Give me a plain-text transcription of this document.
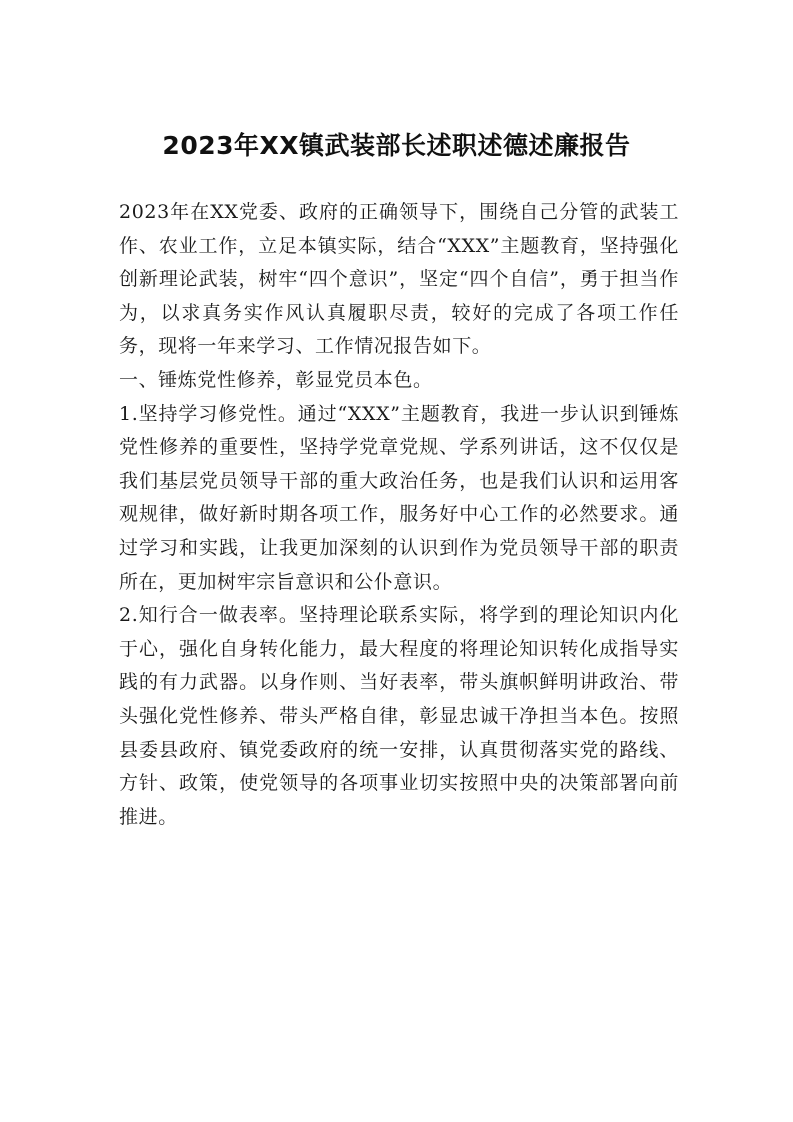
2023年XX镇武装部长述职述德述廉报告

2023年在XX党委、政府的正确领导下，围绕自己分管的武装工作、农业工作，立足本镇实际，结合“XXX”主题教育，坚持强化创新理论武装，树牢“四个意识”，坚定“四个自信”，勇于担当作为，以求真务实作风认真履职尽责，较好的完成了各项工作任务，现将一年来学习、工作情况报告如下。

一、锤炼党性修养，彰显党员本色。

1.坚持学习修党性。通过“XXX”主题教育，我进一步认识到锤炼党性修养的重要性，坚持学党章党规、学系列讲话，这不仅仅是我们基层党员领导干部的重大政治任务，也是我们认识和运用客观规律，做好新时期各项工作，服务好中心工作的必然要求。通过学习和实践，让我更加深刻的认识到作为党员领导干部的职责所在，更加树牢宗旨意识和公仆意识。

2.知行合一做表率。坚持理论联系实际，将学到的理论知识内化于心，强化自身转化能力，最大程度的将理论知识转化成指导实践的有力武器。以身作则、当好表率，带头旗帜鲜明讲政治、带头强化党性修养、带头严格自律，彰显忠诚干净担当本色。按照县委县政府、镇党委政府的统一安排，认真贯彻落实党的路线、方针、政策，使党领导的各项事业切实按照中央的决策部署向前推进。
